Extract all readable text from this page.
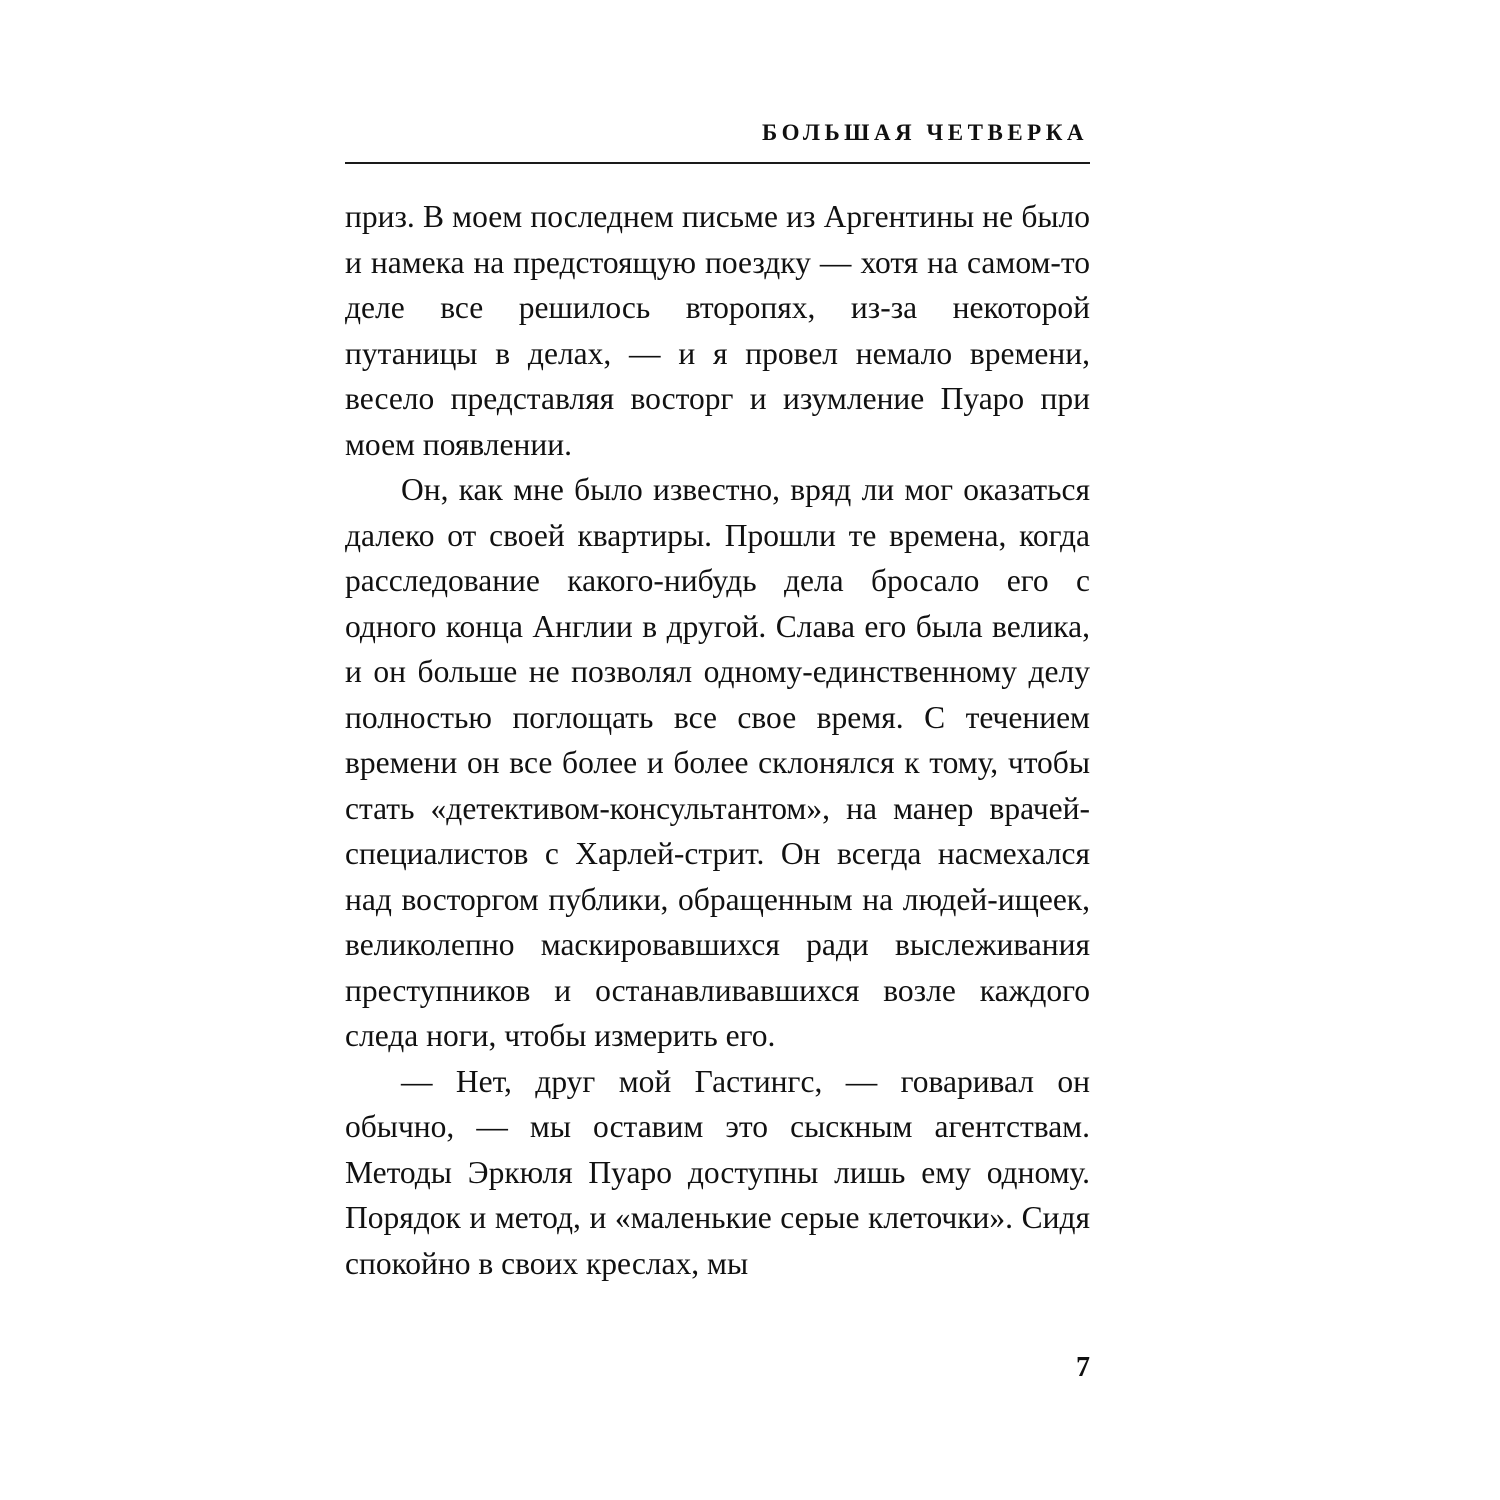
БОЛЬШАЯ ЧЕТВЕРКА

приз. В моем последнем письме из Аргентины не было и намека на предстоящую поездку — хотя на самом-то деле все решилось второпях, из-за некоторой путаницы в делах, — и я провел немало времени, весело представляя восторг и изумление Пуаро при моем появлении.

Он, как мне было известно, вряд ли мог оказаться далеко от своей квартиры. Прошли те времена, когда расследование какого-нибудь дела бросало его с одного конца Англии в другой. Слава его была велика, и он больше не позволял одному-единственному делу полностью поглощать все свое время. С течением времени он все более и более склонялся к тому, чтобы стать «детективом-консультантом», на манер врачей-специалистов с Харлей-стрит. Он всегда насмехался над восторгом публики, обращенным на людей-ищеек, великолепно маскировавшихся ради выслеживания преступников и останавливавшихся возле каждого следа ноги, чтобы измерить его.

— Нет, друг мой Гастингс, — говаривал он обычно, — мы оставим это сыскным агентствам. Методы Эркюля Пуаро доступны лишь ему одному. Порядок и метод, и «маленькие серые клеточки». Сидя спокойно в своих креслах, мы

7
